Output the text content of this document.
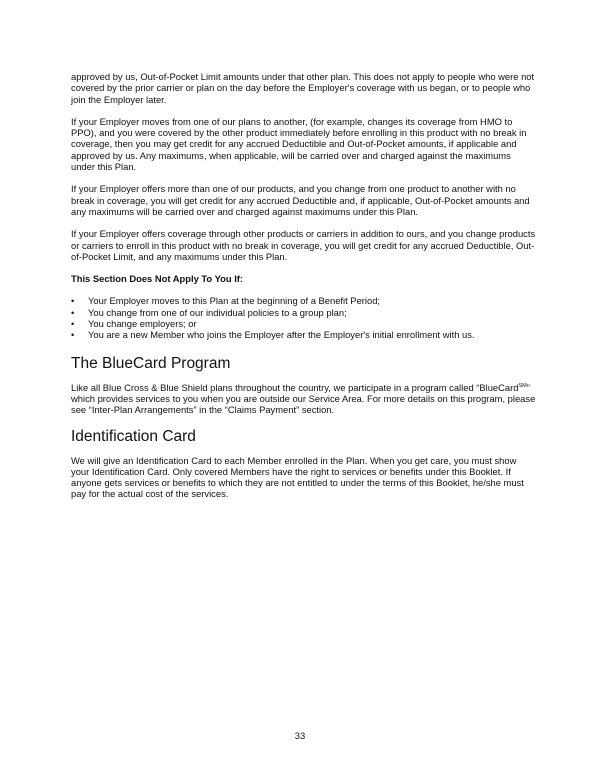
approved by us, Out-of-Pocket Limit amounts under that other plan. This does not apply to people who were not covered by the prior carrier or plan on the day before the Employer's coverage with us began, or to people who join the Employer later.

If your Employer moves from one of our plans to another, (for example, changes its coverage from HMO to PPO), and you were covered by the other product immediately before enrolling in this product with no break in coverage, then you may get credit for any accrued Deductible and Out-of-Pocket amounts, if applicable and approved by us. Any maximums, when applicable, will be carried over and charged against the maximums under this Plan.

If your Employer offers more than one of our products, and you change from one product to another with no break in coverage, you will get credit for any accrued Deductible and, if applicable, Out-of-Pocket amounts and any maximums will be carried over and charged against maximums under this Plan.

If your Employer offers coverage through other products or carriers in addition to ours, and you change products or carriers to enroll in this product with no break in coverage, you will get credit for any accrued Deductible, Out-of-Pocket Limit, and any maximums under this Plan.

This Section Does Not Apply To You If:

• Your Employer moves to this Plan at the beginning of a Benefit Period;
• You change from one of our individual policies to a group plan;
• You change employers; or
• You are a new Member who joins the Employer after the Employer's initial enrollment with us.
The BlueCard Program

Like all Blue Cross & Blue Shield plans throughout the country, we participate in a program called “BlueCard℠” which provides services to you when you are outside our Service Area. For more details on this program, please see “Inter-Plan Arrangements” in the “Claims Payment” section.

Identification Card

We will give an Identification Card to each Member enrolled in the Plan. When you get care, you must show your Identification Card. Only covered Members have the right to services or benefits under this Booklet. If anyone gets services or benefits to which they are not entitled to under the terms of this Booklet, he/she must pay for the actual cost of the services.

33
